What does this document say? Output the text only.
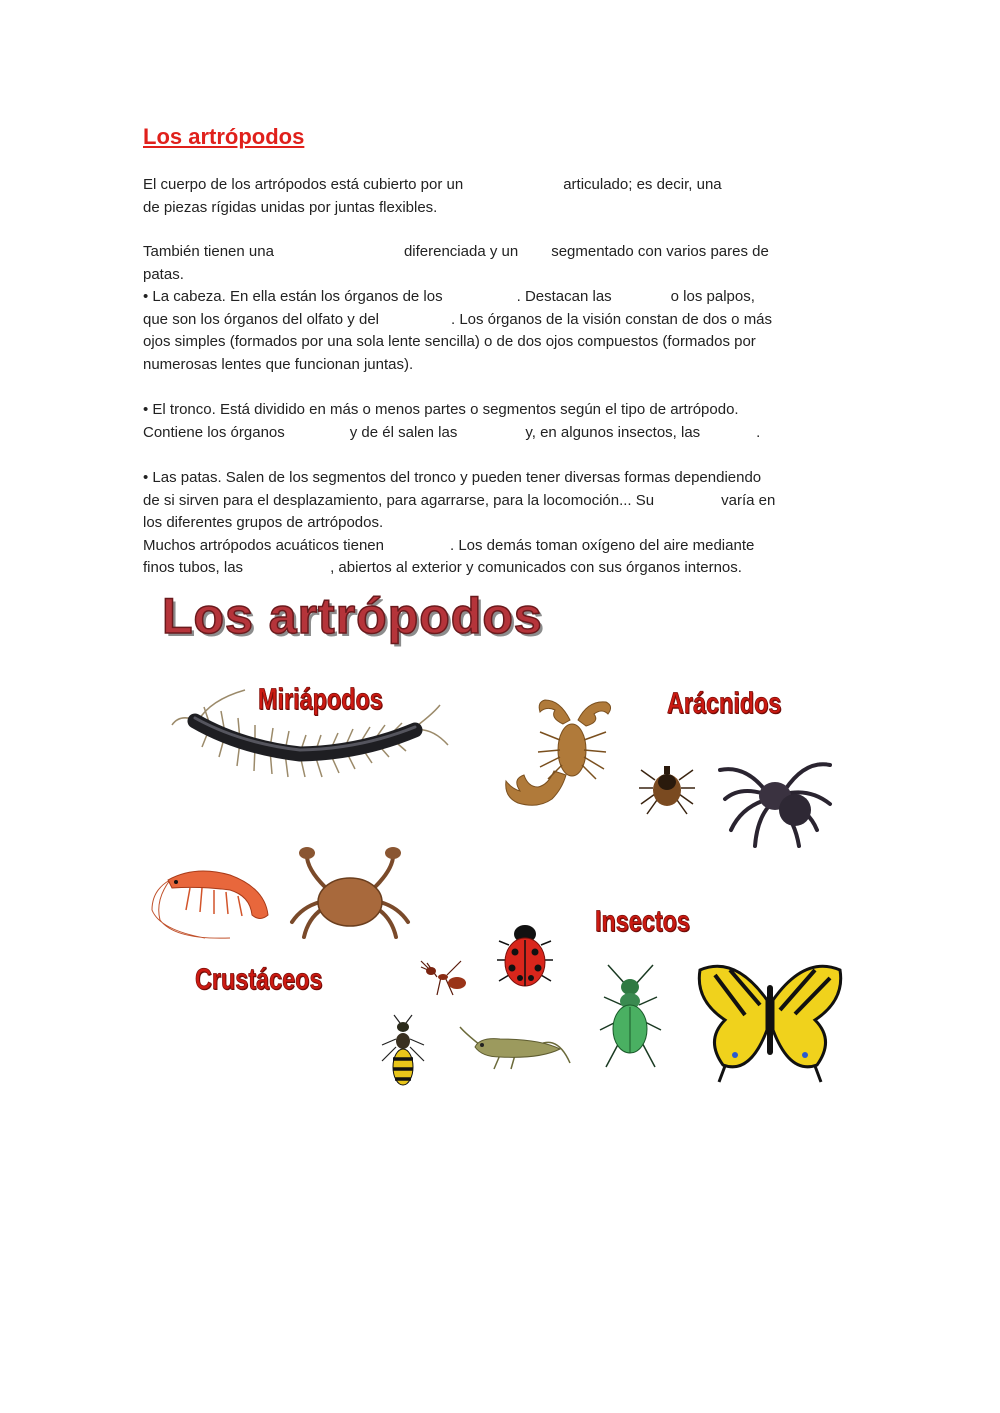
Los artrópodos
El cuerpo de los artrópodos está cubierto por un	articulado; es decir, una
de piezas rígidas unidas por juntas flexibles.
También tienen una	diferenciada y un segmentado con varios pares de
patas.
• La cabeza. En ella están los órganos de los	. Destacan las	o los palpos,
que son los órganos del olfato y del	. Los órganos de la visión constan de dos o más
ojos simples (formados por una sola lente sencilla) o de dos ojos compuestos (formados por
numerosas lentes que funcionan juntas).
• El tronco. Está dividido en más o menos partes o segmentos según el tipo de artrópodo.
Contiene los órganos	y de él salen las	y, en algunos insectos, las	.
• Las patas. Salen de los segmentos del tronco y pueden tener diversas formas dependiendo
de si sirven para el desplazamiento, para agarrarse, para la locomoción... Su	varía en
los diferentes grupos de artrópodos.
Muchos artrópodos acuáticos tienen	. Los demás toman oxígeno del aire mediante
finos tubos, las	, abiertos al exterior y comunicados con sus órganos internos.
Los artrópodos
Miriápodos	Arácnidos
Crustáceos
Insectos
